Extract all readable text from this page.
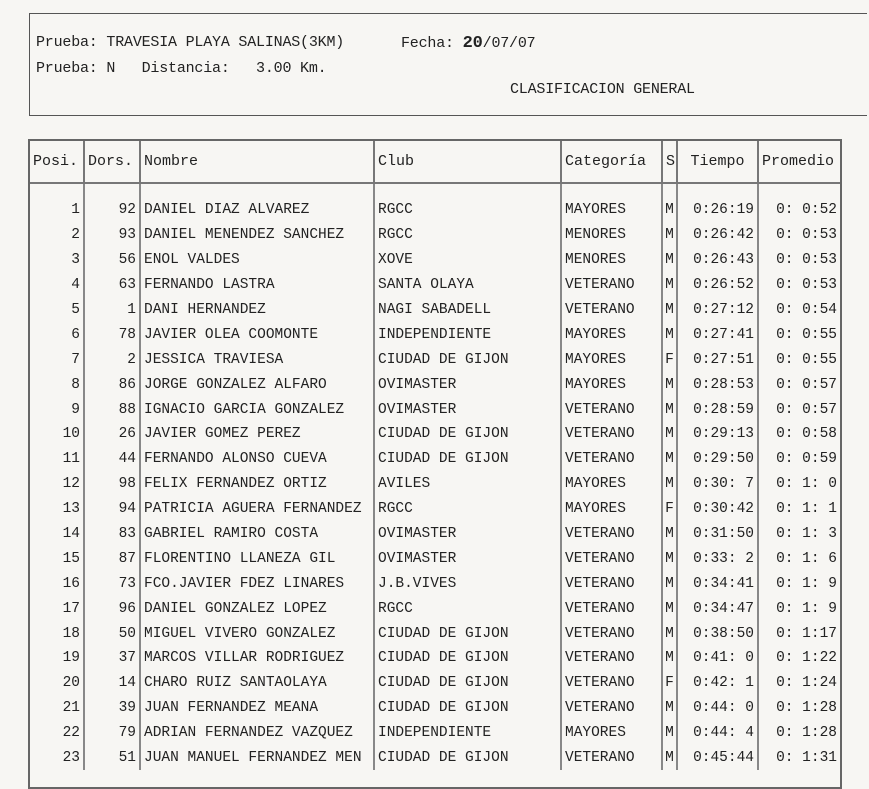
Prueba: TRAVESIA PLAYA SALINAS(3KM)
Prueba: N   Distancia:   3.00 Km.
Fecha: 20/07/07
CLASIFICACION GENERAL
Posi.	Dors.	Nombre	Club	Categoría	S	Tiempo	Promedio

1	92	DANIEL DIAZ ALVAREZ	RGCC	MAYORES	M	0:26:19	0: 0:52
2	93	DANIEL MENENDEZ SANCHEZ	RGCC	MENORES	M	0:26:42	0: 0:53
3	56	ENOL VALDES	XOVE	MENORES	M	0:26:43	0: 0:53
4	63	FERNANDO LASTRA	SANTA OLAYA	VETERANO	M	0:26:52	0: 0:53
5	1	DANI HERNANDEZ	NAGI SABADELL	VETERANO	M	0:27:12	0: 0:54
6	78	JAVIER OLEA COOMONTE	INDEPENDIENTE	MAYORES	M	0:27:41	0: 0:55
7	2	JESSICA TRAVIESA	CIUDAD DE GIJON	MAYORES	F	0:27:51	0: 0:55
8	86	JORGE GONZALEZ ALFARO	OVIMASTER	MAYORES	M	0:28:53	0: 0:57
9	88	IGNACIO GARCIA GONZALEZ	OVIMASTER	VETERANO	M	0:28:59	0: 0:57
10	26	JAVIER GOMEZ PEREZ	CIUDAD DE GIJON	VETERANO	M	0:29:13	0: 0:58
11	44	FERNANDO ALONSO CUEVA	CIUDAD DE GIJON	VETERANO	M	0:29:50	0: 0:59
12	98	FELIX FERNANDEZ ORTIZ	AVILES	MAYORES	M	0:30: 7	0: 1: 0
13	94	PATRICIA AGUERA FERNANDEZ	RGCC	MAYORES	F	0:30:42	0: 1: 1
14	83	GABRIEL RAMIRO COSTA	OVIMASTER	VETERANO	M	0:31:50	0: 1: 3
15	87	FLORENTINO LLANEZA GIL	OVIMASTER	VETERANO	M	0:33: 2	0: 1: 6
16	73	FCO.JAVIER FDEZ LINARES	J.B.VIVES	VETERANO	M	0:34:41	0: 1: 9
17	96	DANIEL GONZALEZ LOPEZ	RGCC	VETERANO	M	0:34:47	0: 1: 9
18	50	MIGUEL VIVERO GONZALEZ	CIUDAD DE GIJON	VETERANO	M	0:38:50	0: 1:17
19	37	MARCOS VILLAR RODRIGUEZ	CIUDAD DE GIJON	VETERANO	M	0:41: 0	0: 1:22
20	14	CHARO RUIZ SANTAOLAYA	CIUDAD DE GIJON	VETERANO	F	0:42: 1	0: 1:24
21	39	JUAN FERNANDEZ MEANA	CIUDAD DE GIJON	VETERANO	M	0:44: 0	0: 1:28
22	79	ADRIAN FERNANDEZ VAZQUEZ	INDEPENDIENTE	MAYORES	M	0:44: 4	0: 1:28
23	51	JUAN MANUEL FERNANDEZ MEN	CIUDAD DE GIJON	VETERANO	M	0:45:44	0: 1:31
